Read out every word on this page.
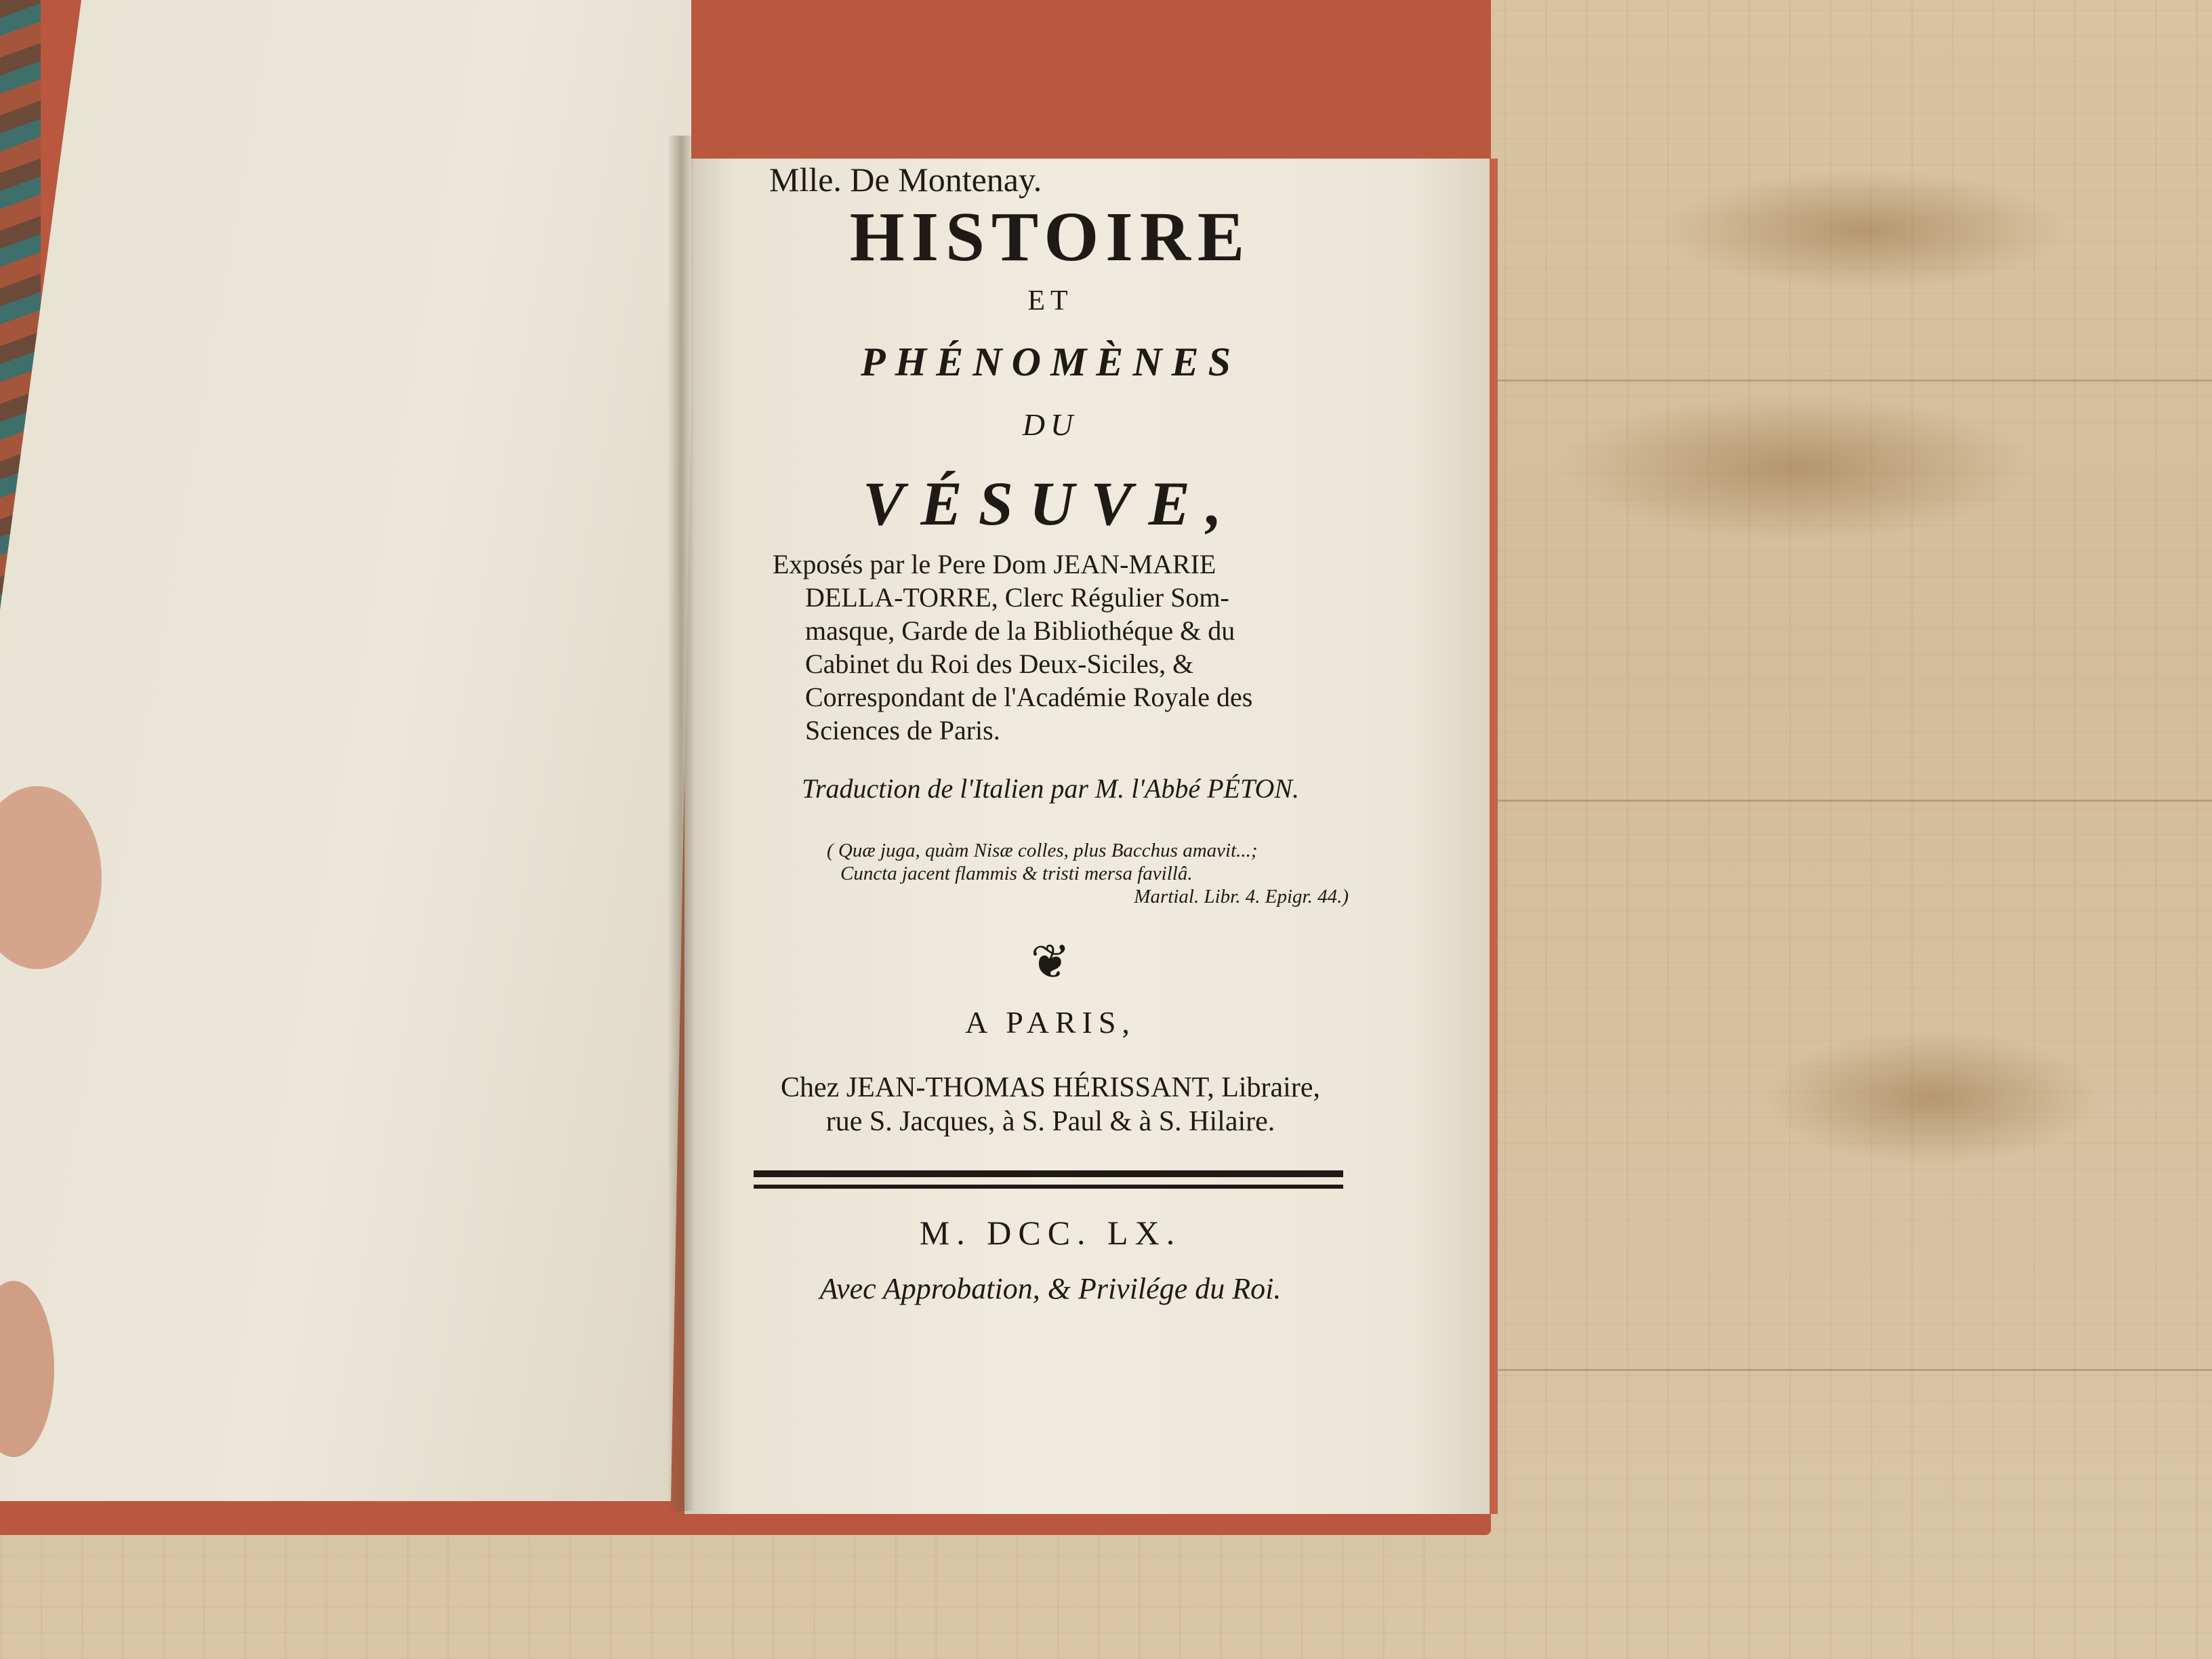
Mlle. De Montenay.
HISTOIRE
ET
PHÉNOMÈNES
DU
VÉSUVE,
Exposés par le Pere Dom JEAN-MARIE
DELLA-TORRE, Clerc Régulier Som-
masque, Garde de la Bibliothéque & du
Cabinet du Roi des Deux-Siciles, &
Correspondant de l'Académie Royale des
Sciences de Paris.
Traduction de l'Italien par M. l'Abbé PÉTON.
( Quæ juga, quàm Nisæ colles, plus Bacchus amavit...;
Cuncta jacent flammis & tristi mersa favillâ.
Martial. Libr. 4. Epigr. 44.)
❦
A PARIS,
Chez JEAN-THOMAS HÉRISSANT, Libraire,
rue S. Jacques, à S. Paul & à S. Hilaire.
M. DCC. LX.
Avec Approbation, & Privilége du Roi.
